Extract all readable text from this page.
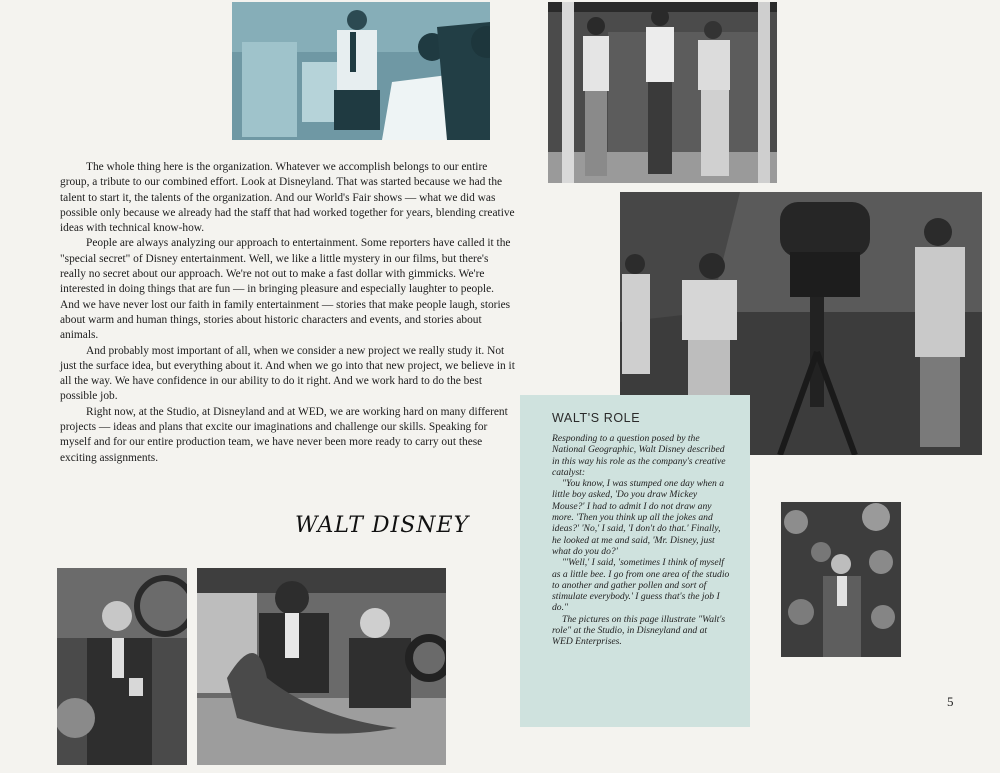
The whole thing here is the organization. Whatever we accomplish belongs to our entire group, a tribute to our combined effort. Look at Disneyland. That was started because we had the talent to start it, the talents of the organization. And our World's Fair shows — what we did was possible only because we already had the staff that had worked together for years, blending creative ideas with technical know-how.

People are always analyzing our approach to entertainment. Some reporters have called it the "special secret" of Disney entertainment. Well, we like a little mystery in our films, but there's really no secret about our approach. We're not out to make a fast dollar with gimmicks. We're interested in doing things that are fun — in bringing pleasure and especially laughter to people. And we have never lost our faith in family entertainment — stories that make people laugh, stories about warm and human things, stories about historic characters and events, and stories about animals.

And probably most important of all, when we consider a new project we really study it. Not just the surface idea, but everything about it. And when we go into that new project, we believe in it all the way. We have confidence in our ability to do it right. And we work hard to do the best possible job.

Right now, at the Studio, at Disneyland and at WED, we are working hard on many different projects — ideas and plans that excite our imaginations and challenge our skills. Speaking for myself and for our entire production team, we have never been more ready to carry out these exciting assignments.

WALT DISNEY
WALT'S ROLE

Responding to a question posed by the National Geographic, Walt Disney described in this way his role as the company's creative catalyst:

"You know, I was stumped one day when a little boy asked, 'Do you draw Mickey Mouse?' I had to admit I do not draw any more. 'Then you think up all the jokes and ideas?' 'No,' I said, 'I don't do that.' Finally, he looked at me and said, 'Mr. Disney, just what do you do?'

"'Well,' I said, 'sometimes I think of myself as a little bee. I go from one area of the studio to another and gather pollen and sort of stimulate everybody.' I guess that's the job I do."

The pictures on this page illustrate "Walt's role" at the Studio, in Disneyland and at WED Enterprises.

5
